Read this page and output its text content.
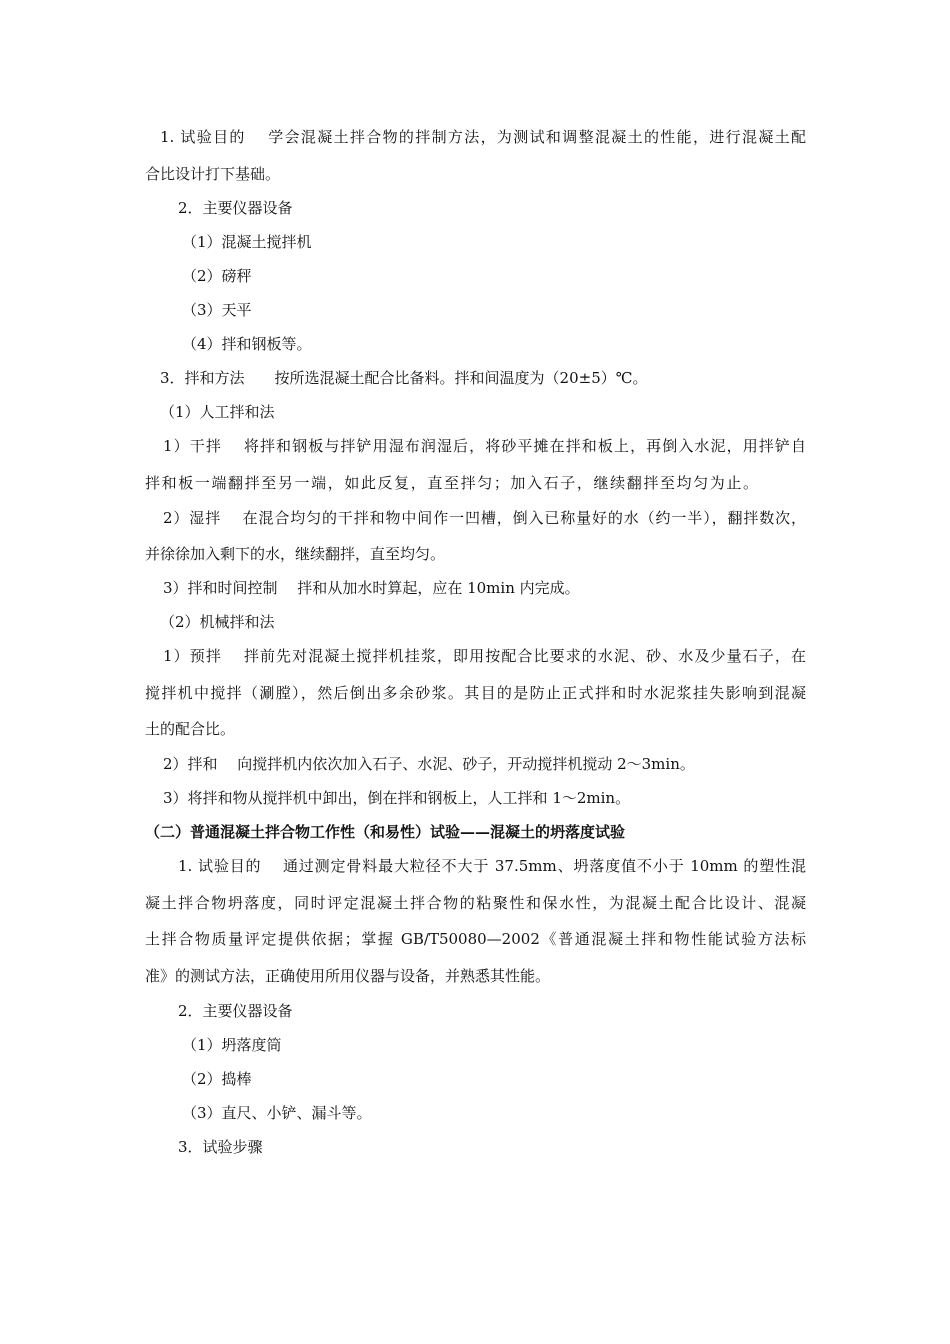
1. 试验目的　 学会混凝土拌合物的拌制方法，为测试和调整混凝土的性能，进行混凝土配
合比设计打下基础。
2．主要仪器设备
（1）混凝土搅拌机
（2）磅秤
（3）天平
（4）拌和钢板等。
3．拌和方法　　按所选混凝土配合比备料。拌和间温度为（20±5）℃。
（1）人工拌和法
1）干拌　 将拌和钢板与拌铲用湿布润湿后，将砂平摊在拌和板上，再倒入水泥，用拌铲自
拌和板一端翻拌至另一端，如此反复，直至拌匀；加入石子，继续翻拌至均匀为止。
2）湿拌　 在混合均匀的干拌和物中间作一凹槽，倒入已称量好的水（约一半），翻拌数次，
并徐徐加入剩下的水，继续翻拌，直至均匀。
3）拌和时间控制　 拌和从加水时算起，应在 10min 内完成。
（2）机械拌和法
1）预拌　 拌前先对混凝土搅拌机挂浆，即用按配合比要求的水泥、砂、水及少量石子，在
搅拌机中搅拌（涮膛），然后倒出多余砂浆。其目的是防止正式拌和时水泥浆挂失影响到混凝
土的配合比。
2）拌和　 向搅拌机内依次加入石子、水泥、砂子，开动搅拌机搅动 2～3min。
3）将拌和物从搅拌机中卸出，倒在拌和钢板上，人工拌和 1～2min。
（二）普通混凝土拌合物工作性（和易性）试验——混凝土的坍落度试验
1. 试验目的　 通过测定骨料最大粒径不大于 37.5mm、坍落度值不小于 10mm 的塑性混
凝土拌合物坍落度，同时评定混凝土拌合物的粘聚性和保水性，为混凝土配合比设计、混凝
土拌合物质量评定提供依据；掌握 GB/T50080—2002《普通混凝土拌和物性能试验方法标
准》的测试方法，正确使用所用仪器与设备，并熟悉其性能。
2．主要仪器设备
（1）坍落度筒
（2）捣棒
（3）直尺、小铲、漏斗等。
3．试验步骤
